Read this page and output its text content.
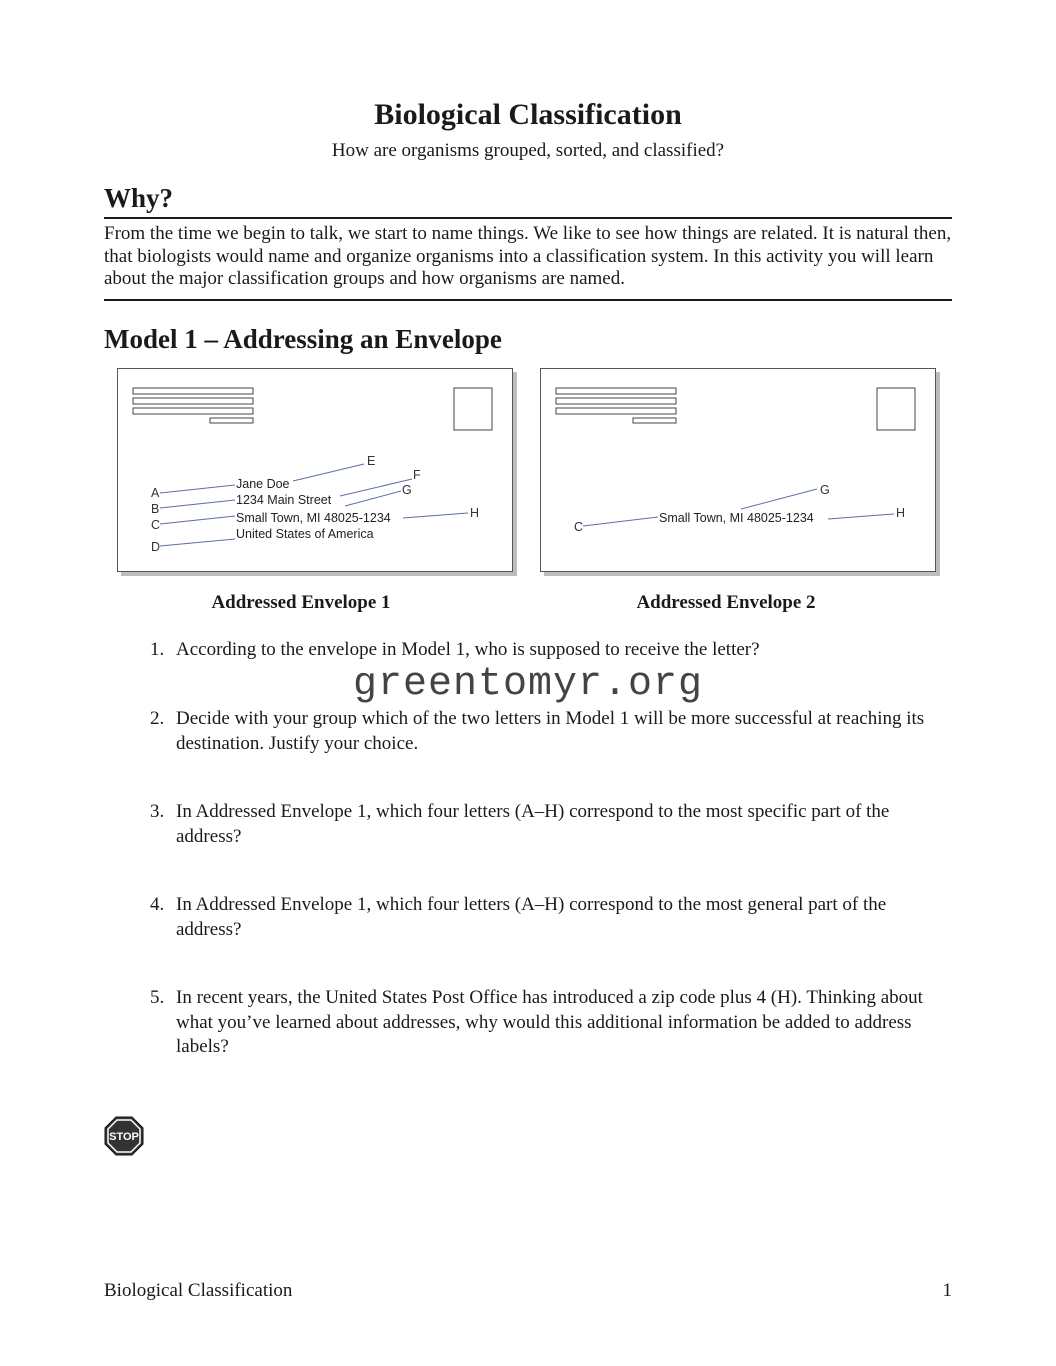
Biological Classification
How are organisms grouped, sorted, and classified?
Why?
From the time we begin to talk, we start to name things. We like to see how things are related. It is natural then, that biologists would name and organize organisms into a classification system. In this activity you will learn about the major classification groups and how organisms are named.
Model 1 – Addressing an Envelope
A
B
C
D
E
F
G
H
Jane Doe
1234 Main Street
Small Town, MI 48025-1234
United States of America
Addressed Envelope 1
C
G
H
Small Town, MI 48025-1234
Addressed Envelope 2
1. According to the envelope in Model 1, who is supposed to receive the letter?
greentomyr.org
2. Decide with your group which of the two letters in Model 1 will be more successful at reaching its destination. Justify your choice.
3. In Addressed Envelope 1, which four letters (A–H) correspond to the most specific part of the address?
4. In Addressed Envelope 1, which four letters (A–H) correspond to the most general part of the address?
5. In recent years, the United States Post Office has introduced a zip code plus 4 (H). Thinking about what you’ve learned about addresses, why would this additional information be added to address labels?
STOP
Biological Classification	1
